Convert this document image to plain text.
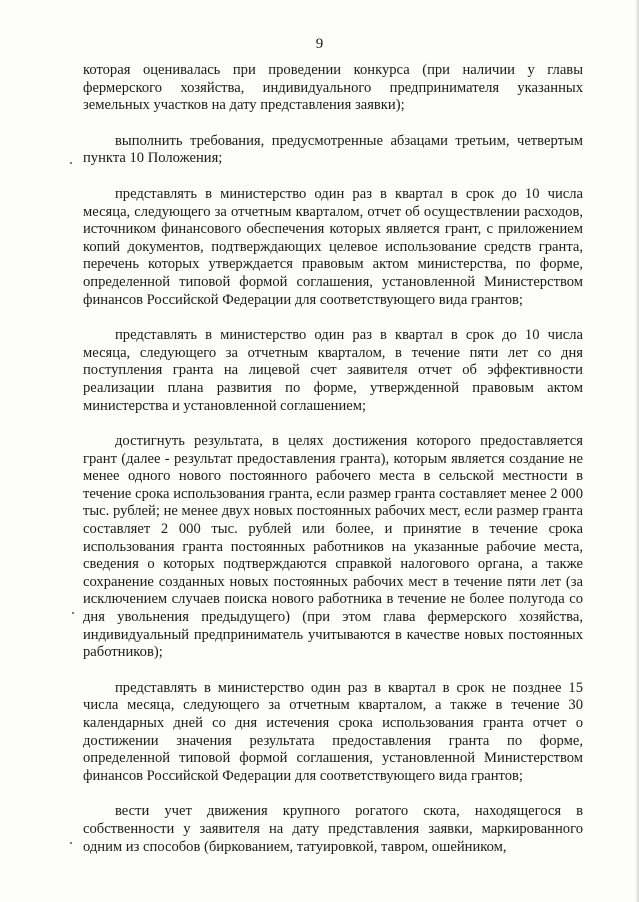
9

которая оценивалась при проведении конкурса (при наличии у главы фермерского хозяйства, индивидуального предпринимателя указанных земельных участков на дату представления заявки);

выполнить требования, предусмотренные абзацами третьим, четвертым пункта 10 Положения;

представлять в министерство один раз в квартал в срок до 10 числа месяца, следующего за отчетным кварталом, отчет об осуществлении расходов, источником финансового обеспечения которых является грант, с приложением копий документов, подтверждающих целевое использование средств гранта, перечень которых утверждается правовым актом министерства, по форме, определенной типовой формой соглашения, установленной Министерством финансов Российской Федерации для соответствующего вида грантов;

представлять в министерство один раз в квартал в срок до 10 числа месяца, следующего за отчетным кварталом, в течение пяти лет со дня поступления гранта на лицевой счет заявителя отчет об эффективности реализации плана развития по форме, утвержденной правовым актом министерства и установленной соглашением;

достигнуть результата, в целях достижения которого предоставляется грант (далее - результат предоставления гранта), которым является создание не менее одного нового постоянного рабочего места в сельской местности в течение срока использования гранта, если размер гранта составляет менее 2 000 тыс. рублей; не менее двух новых постоянных рабочих мест, если размер гранта составляет 2 000 тыс. рублей или более, и принятие в течение срока использования гранта постоянных работников на указанные рабочие места, сведения о которых подтверждаются справкой налогового органа, а также сохранение созданных новых постоянных рабочих мест в течение пяти лет (за исключением случаев поиска нового работника в течение не более полугода со дня увольнения предыдущего) (при этом глава фермерского хозяйства, индивидуальный предприниматель учитываются в качестве новых постоянных работников);

представлять в министерство один раз в квартал в срок не позднее 15 числа месяца, следующего за отчетным кварталом, а также в течение 30 календарных дней со дня истечения срока использования гранта отчет о достижении значения результата предоставления гранта по форме, определенной типовой формой соглашения, установленной Министерством финансов Российской Федерации для соответствующего вида грантов;

вести учет движения крупного рогатого скота, находящегося в собственности у заявителя на дату представления заявки, маркированного одним из способов (биркованием, татуировкой, тавром, ошейником,
